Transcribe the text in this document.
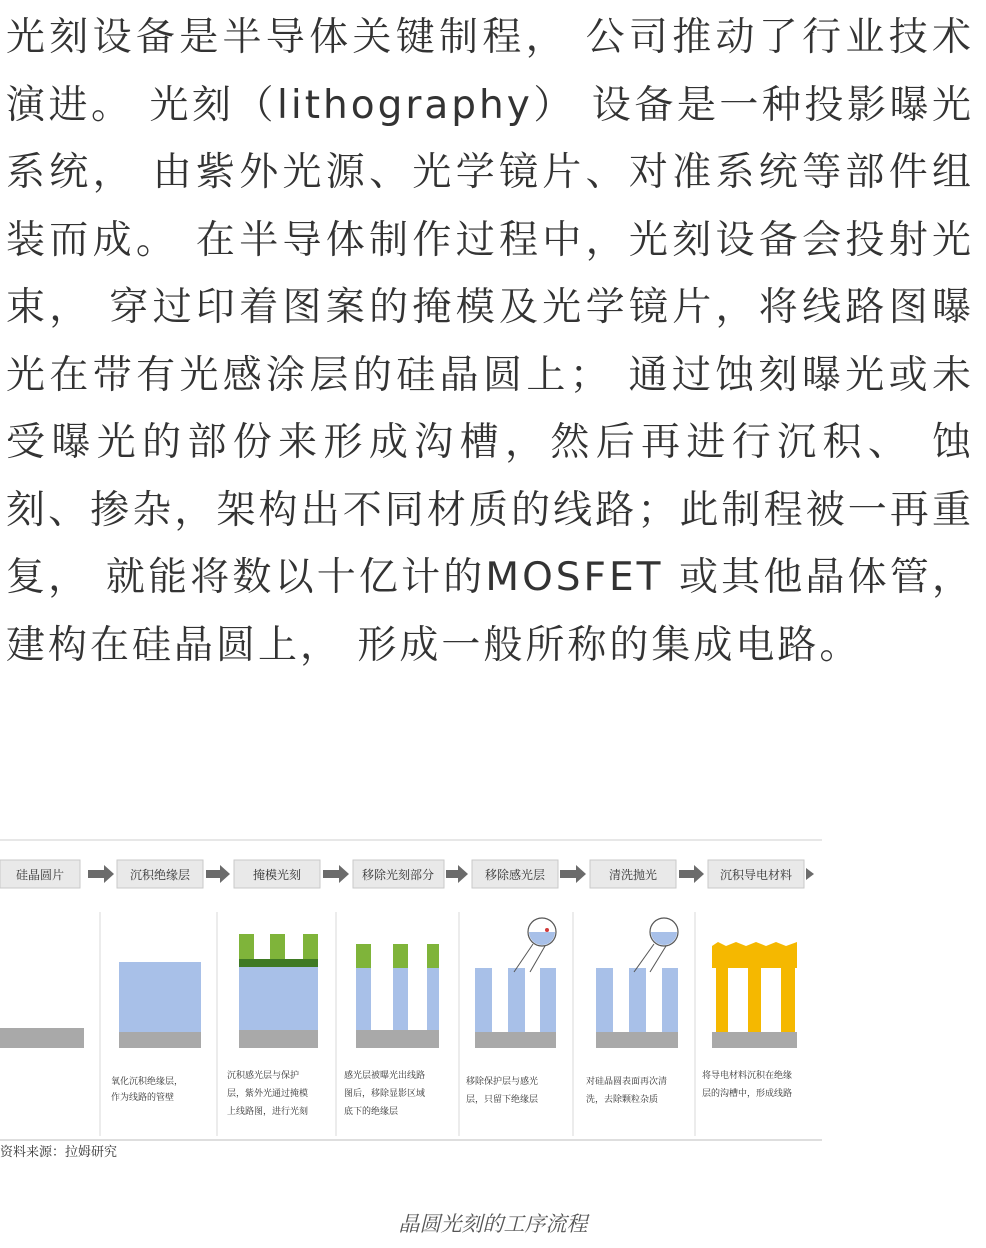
光刻设备是半导体关键制程， 公司推动了行业技术演进。 光刻（lithography） 设备是一种投影曝光系统， 由紫外光源、光学镜片、对准系统等部件组装而成。 在半导体制作过程中，光刻设备会投射光束， 穿过印着图案的掩模及光学镜片，将线路图曝光在带有光感涂层的硅晶圆上； 通过蚀刻曝光或未受曝光的部份来形成沟槽，然后再进行沉积、 蚀刻、掺杂，架构出不同材质的线路；此制程被一再重复， 就能将数以十亿计的MOSFET 或其他晶体管， 建构在硅晶圆上， 形成一般所称的集成电路。

硅晶圆片	沉积绝缘层	掩模光刻	移除光刻部分	移除感光层	清洗抛光	沉积导电材料
氧化沉积绝缘层，
作为线路的管壁
沉积感光层与保护
层，紫外光通过掩模
上线路图，进行光刻
感光层被曝光出线路
图后，移除显影区域
底下的绝缘层
移除保护层与感光
层，只留下绝缘层
对硅晶圆表面再次清
洗，去除颗粒杂质
将导电材料沉积在绝缘
层的沟槽中，形成线路
资料来源：拉姆研究
晶圆光刻的工序流程
